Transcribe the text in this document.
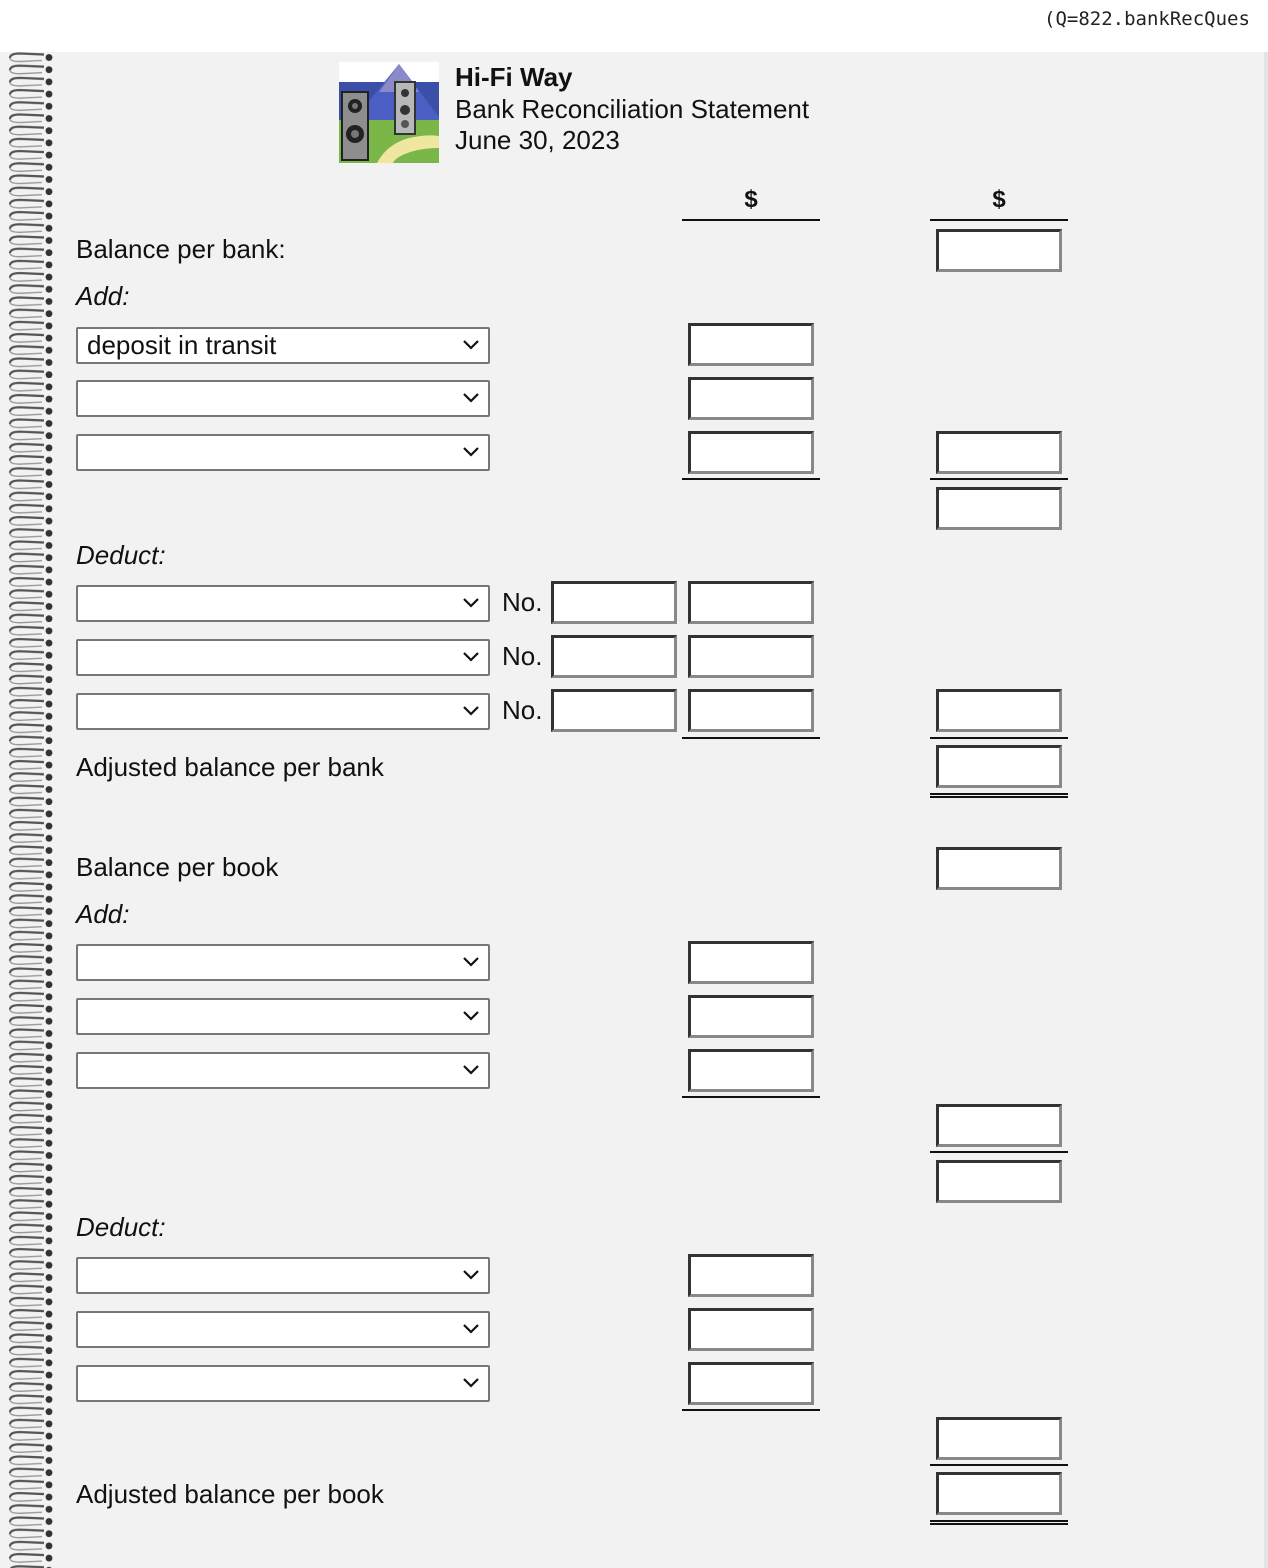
(Q=822.bankRecQues
Hi-Fi Way
Bank Reconciliation Statement
June 30, 2023
$	$
Balance per bank:
Add:
deposit in transit
Deduct:
No.
No.
No.
Adjusted balance per bank
Balance per book
Add:
Deduct:
Adjusted balance per book
